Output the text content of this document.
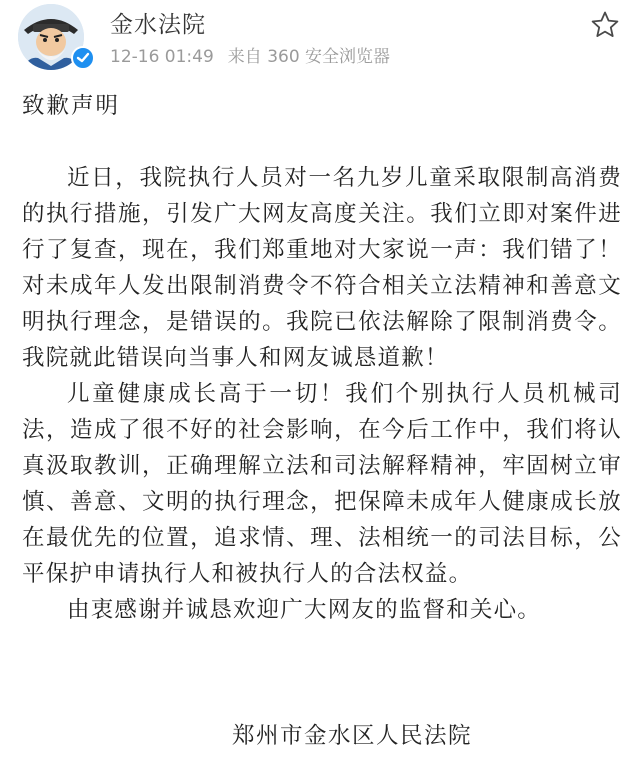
金水法院
12-16 01:49 来自 360 安全浏览器
致歉声明

近日，我院执行人员对一名九岁儿童采取限制高消费的执行措施，引发广大网友高度关注。我们立即对案件进行了复查，现在，我们郑重地对大家说一声：我们错了！对未成年人发出限制消费令不符合相关立法精神和善意文明执行理念，是错误的。我院已依法解除了限制消费令。我院就此错误向当事人和网友诚恳道歉！

儿童健康成长高于一切！我们个别执行人员机械司法，造成了很不好的社会影响，在今后工作中，我们将认真汲取教训，正确理解立法和司法解释精神，牢固树立审慎、善意、文明的执行理念，把保障未成年人健康成长放在最优先的位置，追求情、理、法相统一的司法目标，公平保护申请执行人和被执行人的合法权益。

由衷感谢并诚恳欢迎广大网友的监督和关心。

郑州市金水区人民法院
